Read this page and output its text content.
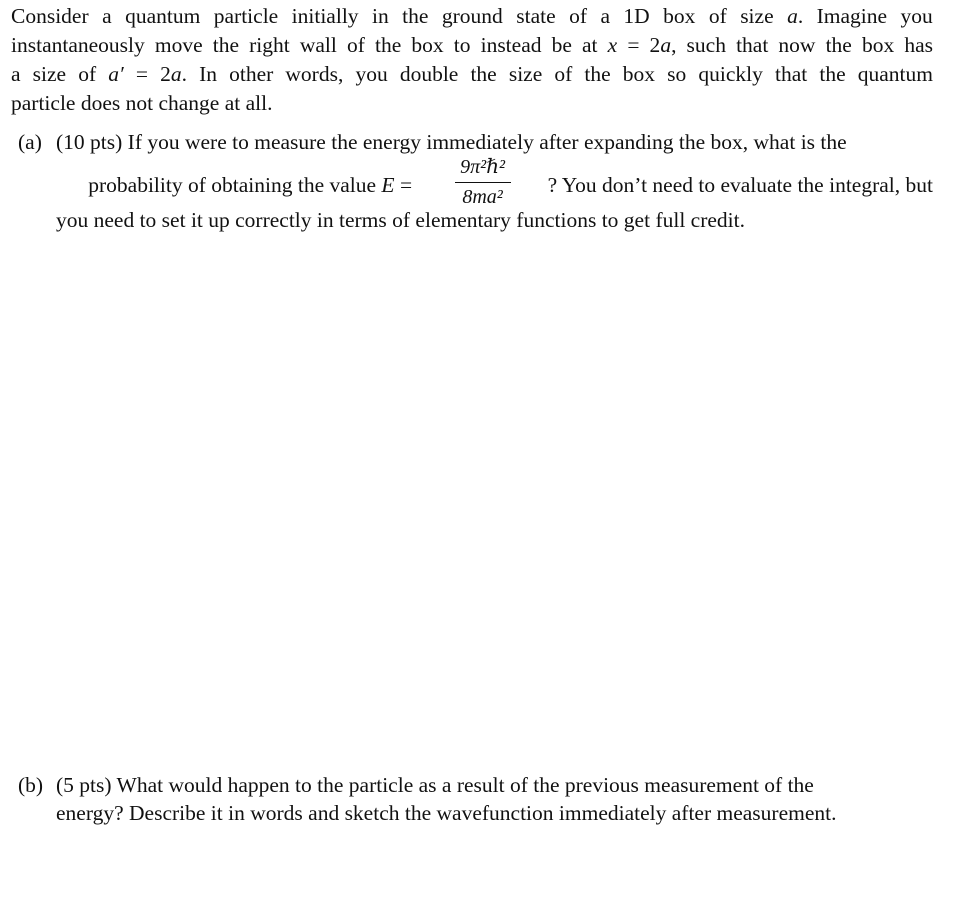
Consider a quantum particle initially in the ground state of a 1D box of size a. Imagine you
instantaneously move the right wall of the box to instead be at x = 2a, such that now the box has
a size of a′ = 2a. In other words, you double the size of the box so quickly that the quantum
particle does not change at all.
(a) (10 pts) If you were to measure the energy immediately after expanding the box, what is the

probability of obtaining the value E =
$\frac{\text{9π²ℏ²}}{\text{8ma²}}$ ? You don’t need to evaluate the integral, but
you need to set it up correctly in terms of elementary functions to get full credit.
(b) (5 pts) What would happen to the particle as a result of the previous measurement of the
energy? Describe it in words and sketch the wavefunction immediately after measurement.
